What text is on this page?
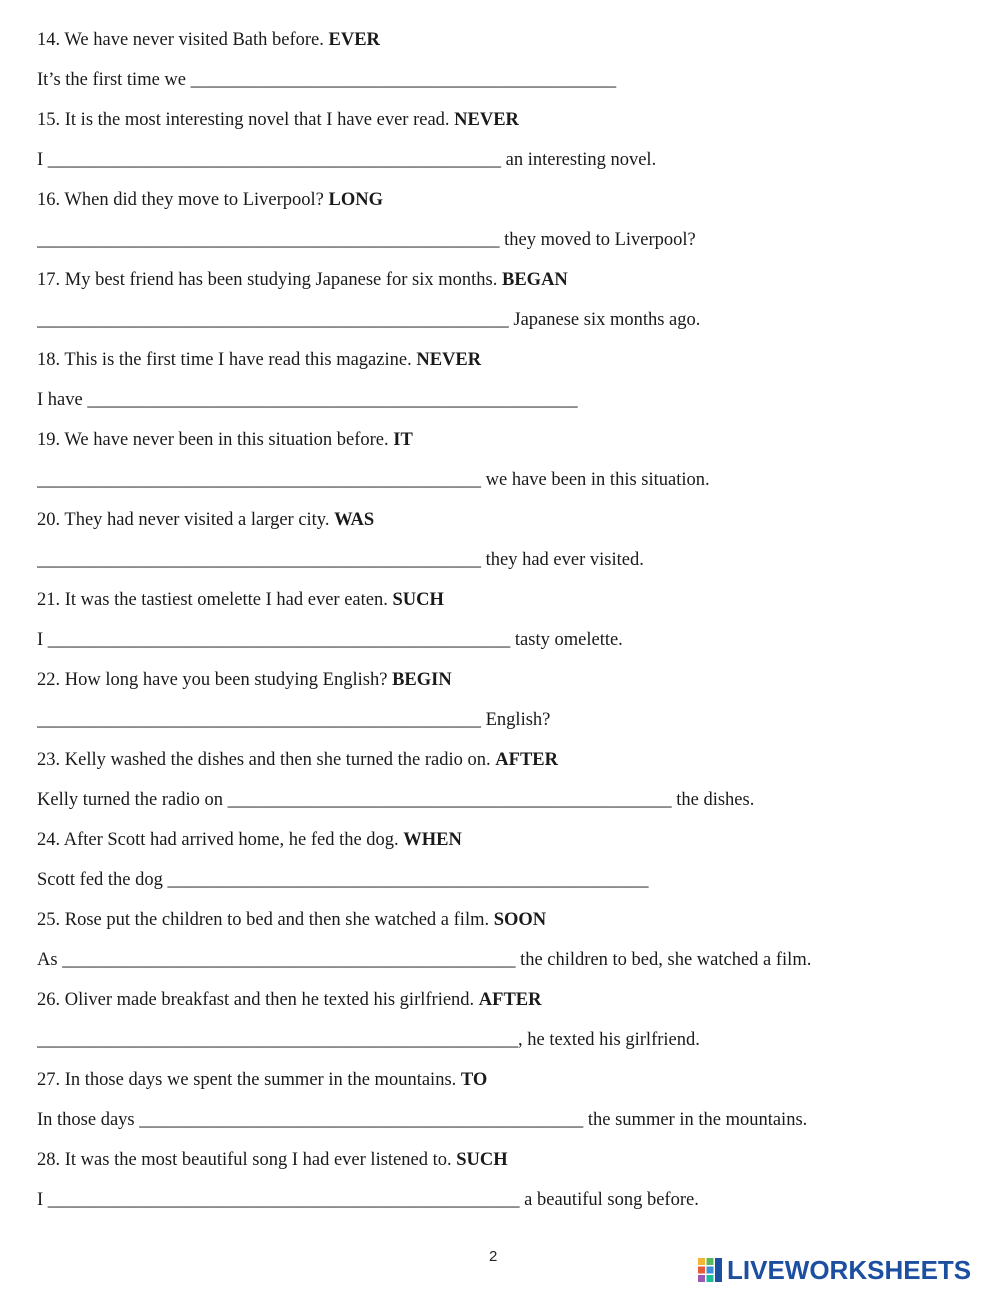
14. We have never visited Bath before. EVER
It’s the first time we ______________________________________________
15. It is the most interesting novel that I have ever read. NEVER
I _________________________________________________ an interesting novel.
16. When did they move to Liverpool? LONG
__________________________________________________ they moved to Liverpool?
17. My best friend has been studying Japanese for six months. BEGAN
___________________________________________________ Japanese six months ago.
18. This is the first time I have read this magazine. NEVER
I have _____________________________________________________
19. We have never been in this situation before. IT
________________________________________________ we have been in this situation.
20. They had never visited a larger city. WAS
________________________________________________ they had ever visited.
21. It was the tastiest omelette I had ever eaten. SUCH
I __________________________________________________ tasty omelette.
22. How long have you been studying English? BEGIN
________________________________________________ English?
23. Kelly washed the dishes and then she turned the radio on. AFTER
Kelly turned the radio on ________________________________________________ the dishes.
24. After Scott had arrived home, he fed the dog. WHEN
Scott fed the dog ____________________________________________________
25. Rose put the children to bed and then she watched a film. SOON
As _________________________________________________ the children to bed, she watched a film.
26. Oliver made breakfast and then he texted his girlfriend. AFTER
____________________________________________________, he texted his girlfriend.
27. In those days we spent the summer in the mountains. TO
In those days ________________________________________________ the summer in the mountains.
28. It was the most beautiful song I had ever listened to. SUCH
I ___________________________________________________ a beautiful song before.
2	LIVEWORKSHEETS
